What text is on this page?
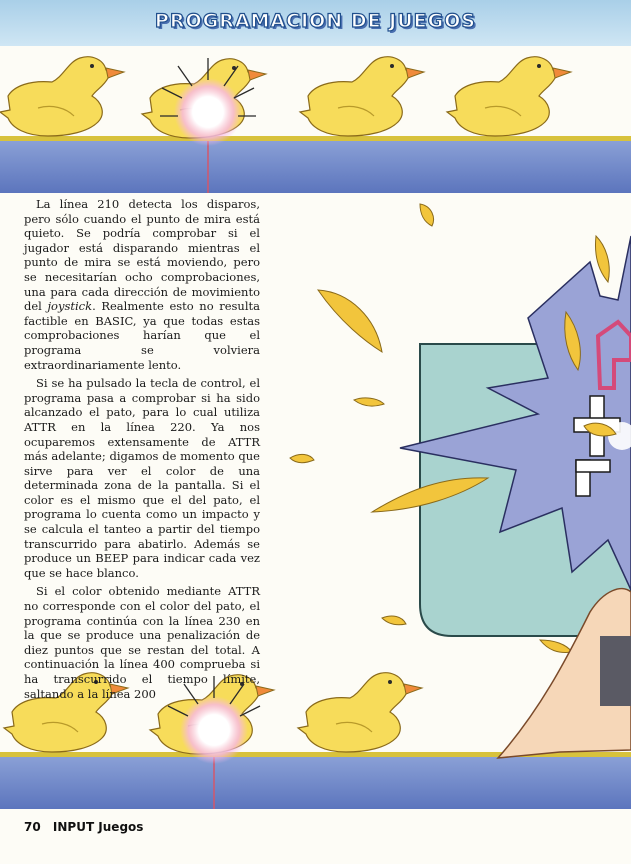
PROGRAMACION DE JUEGOS

La línea 210 detecta los disparos, pero sólo cuando el punto de mira está quieto. Se podría comprobar si el jugador está disparando mientras el punto de mira se está moviendo, pero se necesitarían ocho comprobaciones, una para cada dirección de movimiento del joystick. Realmente esto no resulta factible en BASIC, ya que todas estas comprobaciones harían que el programa se volviera extraordinariamente lento.

Si se ha pulsado la tecla de control, el programa pasa a comprobar si ha sido alcanzado el pato, para lo cual utiliza ATTR en la línea 220. Ya nos ocuparemos extensamente de ATTR más adelante; digamos de momento que sirve para ver el color de una determinada zona de la pantalla. Si el color es el mismo que el del pato, el programa lo cuenta como un impacto y se calcula el tanteo a partir del tiempo transcurrido para abatirlo. Además se produce un BEEP para indicar cada vez que se hace blanco.

Si el color obtenido mediante ATTR no corresponde con el color del pato, el programa continúa con la línea 230 en la que se produce una penalización de diez puntos que se restan del total. A continuación la línea 400 comprueba si ha transcurrido el tiempo límite, saltando a la línea 200

70 INPUT Juegos
